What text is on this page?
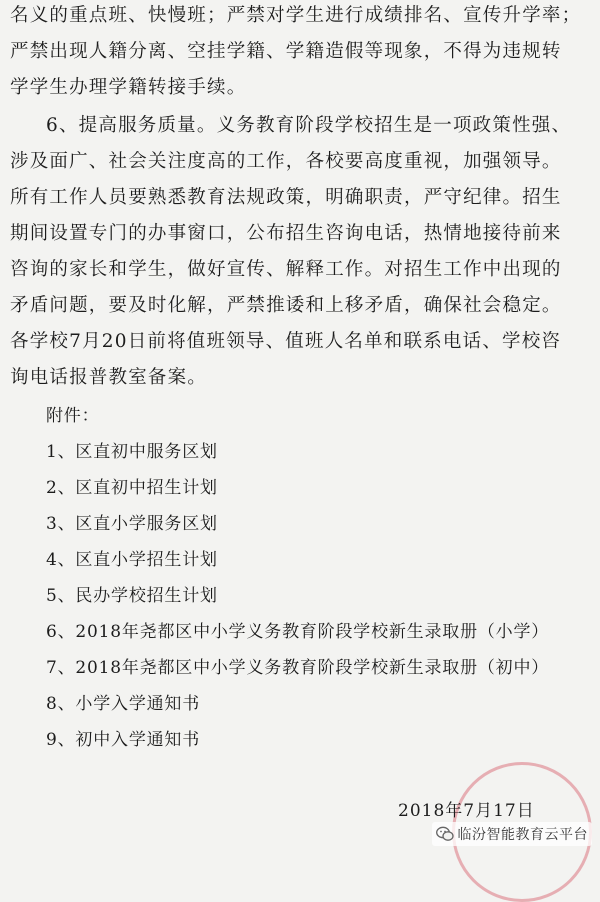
名义的重点班、快慢班；严禁对学生进行成绩排名、宣传升学率；
严禁出现人籍分离、空挂学籍、学籍造假等现象，不得为违规转
学学生办理学籍转接手续。
6、提高服务质量。义务教育阶段学校招生是一项政策性强、
涉及面广、社会关注度高的工作，各校要高度重视，加强领导。
所有工作人员要熟悉教育法规政策，明确职责，严守纪律。招生
期间设置专门的办事窗口，公布招生咨询电话，热情地接待前来
咨询的家长和学生，做好宣传、解释工作。对招生工作中出现的
矛盾问题，要及时化解，严禁推诿和上移矛盾，确保社会稳定。
各学校7月20日前将值班领导、值班人名单和联系电话、学校咨
询电话报普教室备案。
附件：
1、区直初中服务区划
2、区直初中招生计划
3、区直小学服务区划
4、区直小学招生计划
5、民办学校招生计划
6、2018年尧都区中小学义务教育阶段学校新生录取册（小学）
7、2018年尧都区中小学义务教育阶段学校新生录取册（初中）
8、小学入学通知书
9、初中入学通知书
2018年7月17日
临汾智能教育云平台
